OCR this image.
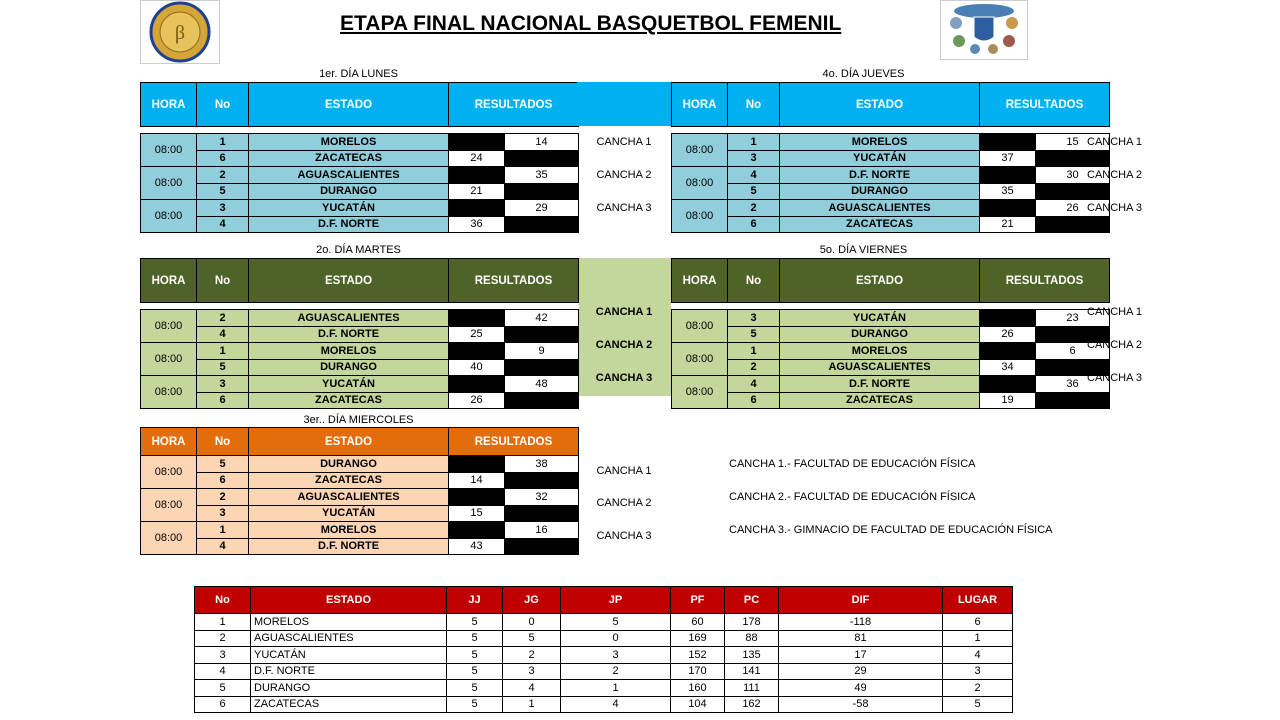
ETAPA FINAL NACIONAL BASQUETBOL FEMENIL
β
1er. DÍA LUNES	4o. DÍA JUEVES
2o. DÍA MARTES	5o. DÍA VIERNES
3er.. DÍA MIERCOLES
HORA	No	ESTADO	RESULTADOS	

08:00	1	MORELOS		14
	6	ZACATECAS	24	
08:00	2	AGUASCALIENTES		35
	5	DURANGO	21	
08:00	3	YUCATÁN		29
	4	D.F. NORTE	36	
HORA	No	ESTADO	RESULTADOS	

08:00	1	MORELOS		15
	3	YUCATÁN	37	
08:00	4	D.F. NORTE		30
	5	DURANGO	35	
08:00	2	AGUASCALIENTES		26
	6	ZACATECAS	21	
HORA	No	ESTADO	RESULTADOS	

08:00	2	AGUASCALIENTES		42
	4	D.F. NORTE	25	
08:00	1	MORELOS		9
	5	DURANGO	40	
08:00	3	YUCATÁN		48
	6	ZACATECAS	26	
HORA	No	ESTADO	RESULTADOS	

08:00	3	YUCATÁN		23
	5	DURANGO	26	
08:00	1	MORELOS		6
	2	AGUASCALIENTES	34	
08:00	4	D.F. NORTE		36
	6	ZACATECAS	19	
HORA	No	ESTADO	RESULTADOS	
08:00	5	DURANGO		38
	6	ZACATECAS	14	
08:00	2	AGUASCALIENTES		32
	3	YUCATÁN	15	
08:00	1	MORELOS		16
	4	D.F. NORTE	43	
CANCHA 1
CANCHA 2
CANCHA 3
CANCHA 1
CANCHA 2
CANCHA 3
CANCHA 1
CANCHA 2
CANCHA 3
CANCHA 1
CANCHA 2
CANCHA 3
CANCHA 1
CANCHA 2
CANCHA 3
CANCHA 1.- FACULTAD DE EDUCACIÓN FÍSICA
CANCHA 2.- FACULTAD DE EDUCACIÓN FÍSICA
CANCHA 3.- GIMNACIO DE FACULTAD DE EDUCACIÓN FÍSICA
No	ESTADO	JJ	JG	JP	PF	PC	DIF	LUGAR
1	MORELOS	5	0	5	60	178	-118	6
2	AGUASCALIENTES	5	5	0	169	88	81	1
3	YUCATÁN	5	2	3	152	135	17	4
4	D.F. NORTE	5	3	2	170	141	29	3
5	DURANGO	5	4	1	160	111	49	2
6	ZACATECAS	5	1	4	104	162	-58	5
